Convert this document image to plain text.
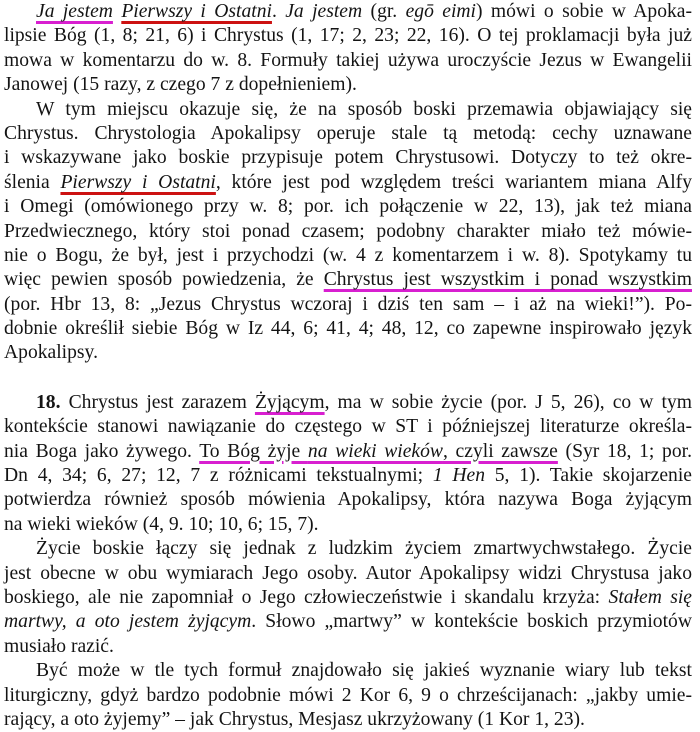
Ja jestem Pierwszy i Ostatni. Ja jestem (gr. egō eimi) mówi o sobie w Apoka-
lipsie Bóg (1, 8; 21, 6) i Chrystus (1, 17; 2, 23; 22, 16). O tej proklamacji była już
mowa w komentarzu do w. 8. Formuły takiej używa uroczyście Jezus w Ewangelii
Janowej (15 razy, z czego 7 z dopełnieniem).
W tym miejscu okazuje się, że na sposób boski przemawia objawiający się
Chrystus. Chrystologia Apokalipsy operuje stale tą metodą: cechy uznawane
i wskazywane jako boskie przypisuje potem Chrystusowi. Dotyczy to też okre-
ślenia Pierwszy i Ostatni, które jest pod względem treści wariantem miana Alfy
i Omegi (omówionego przy w. 8; por. ich połączenie w 22, 13), jak też miana
Przedwiecznego, który stoi ponad czasem; podobny charakter miało też mówie-
nie o Bogu, że był, jest i przychodzi (w. 4 z komentarzem i w. 8). Spotykamy tu
więc pewien sposób powiedzenia, że Chrystus jest wszystkim i ponad wszystkim
(por. Hbr 13, 8: „Jezus Chrystus wczoraj i dziś ten sam – i aż na wieki!”). Po-
dobnie określił siebie Bóg w Iz 44, 6; 41, 4; 48, 12, co zapewne inspirowało język
Apokalipsy.
18. Chrystus jest zarazem Żyjącym, ma w sobie życie (por. J 5, 26), co w tym
kontekście stanowi nawiązanie do częstego w ST i późniejszej literaturze określa-
nia Boga jako żywego. To Bóg żyje na wieki wieków, czyli zawsze (Syr 18, 1; por.
Dn 4, 34; 6, 27; 12, 7 z różnicami tekstualnymi; 1 Hen 5, 1). Takie skojarzenie
potwierdza również sposób mówienia Apokalipsy, która nazywa Boga żyjącym
na wieki wieków (4, 9. 10; 10, 6; 15, 7).
Życie boskie łączy się jednak z ludzkim życiem zmartwychwstałego. Życie
jest obecne w obu wymiarach Jego osoby. Autor Apokalipsy widzi Chrystusa jako
boskiego, ale nie zapomniał o Jego człowieczeństwie i skandalu krzyża: Stałem się
martwy, a oto jestem żyjącym. Słowo „martwy” w kontekście boskich przymiotów
musiało razić.
Być może w tle tych formuł znajdowało się jakieś wyznanie wiary lub tekst
liturgiczny, gdyż bardzo podobnie mówi 2 Kor 6, 9 o chrześcijanach: „jakby umie-
rający, a oto żyjemy” – jak Chrystus, Mesjasz ukrzyżowany (1 Kor 1, 23).
